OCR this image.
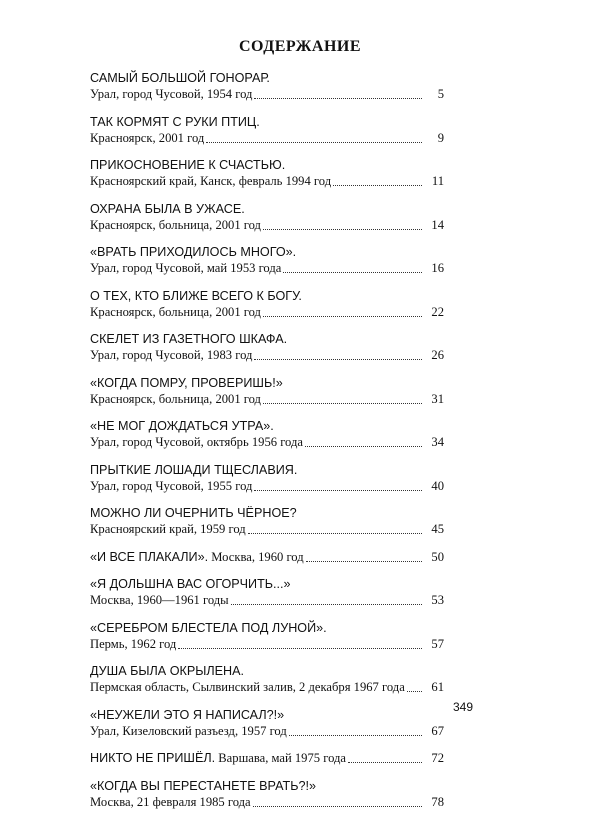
СОДЕРЖАНИЕ
САМЫЙ БОЛЬШОЙ ГОНОРАР.
Урал, город Чусовой, 1954 год	5
ТАК КОРМЯТ С РУКИ ПТИЦ.
Красноярск, 2001 год	9
ПРИКОСНОВЕНИЕ К СЧАСТЬЮ.
Красноярский край, Канск, февраль 1994 год	11
ОХРАНА БЫЛА В УЖАСЕ.
Красноярск, больница, 2001 год	14
«ВРАТЬ ПРИХОДИЛОСЬ МНОГО».
Урал, город Чусовой, май 1953 года	16
О ТЕХ, КТО БЛИЖЕ ВСЕГО К БОГУ.
Красноярск, больница, 2001 год	22
СКЕЛЕТ ИЗ ГАЗЕТНОГО ШКАФА.
Урал, город Чусовой, 1983 год	26
«КОГДА ПОМРУ, ПРОВЕРИШЬ!»
Красноярск, больница, 2001 год	31
«НЕ МОГ ДОЖДАТЬСЯ УТРА».
Урал, город Чусовой, октябрь 1956 года	34
ПРЫТКИЕ ЛОШАДИ ТЩЕСЛАВИЯ.
Урал, город Чусовой, 1955 год	40
МОЖНО ЛИ ОЧЕРНИТЬ ЧЁРНОЕ?
Красноярский край, 1959 год	45
«И ВСЕ ПЛАКАЛИ». Москва, 1960 год	50
«Я ДОЛЬШНА ВАС ОГОРЧИТЬ...»
Москва, 1960—1961 годы	53
«СЕРЕБРОМ БЛЕСТЕЛА ПОД ЛУНОЙ».
Пермь, 1962 год	57
ДУША БЫЛА ОКРЫЛЕНА.
Пермская область, Сылвинский залив, 2 декабря 1967 года	61
«НЕУЖЕЛИ ЭТО Я НАПИСАЛ?!»
Урал, Кизеловский разъезд, 1957 год	67
НИКТО НЕ ПРИШЁЛ. Варшава, май 1975 года	72
«КОГДА ВЫ ПЕРЕСТАНЕТЕ ВРАТЬ?!»
Москва, 21 февраля 1985 года	78
349
